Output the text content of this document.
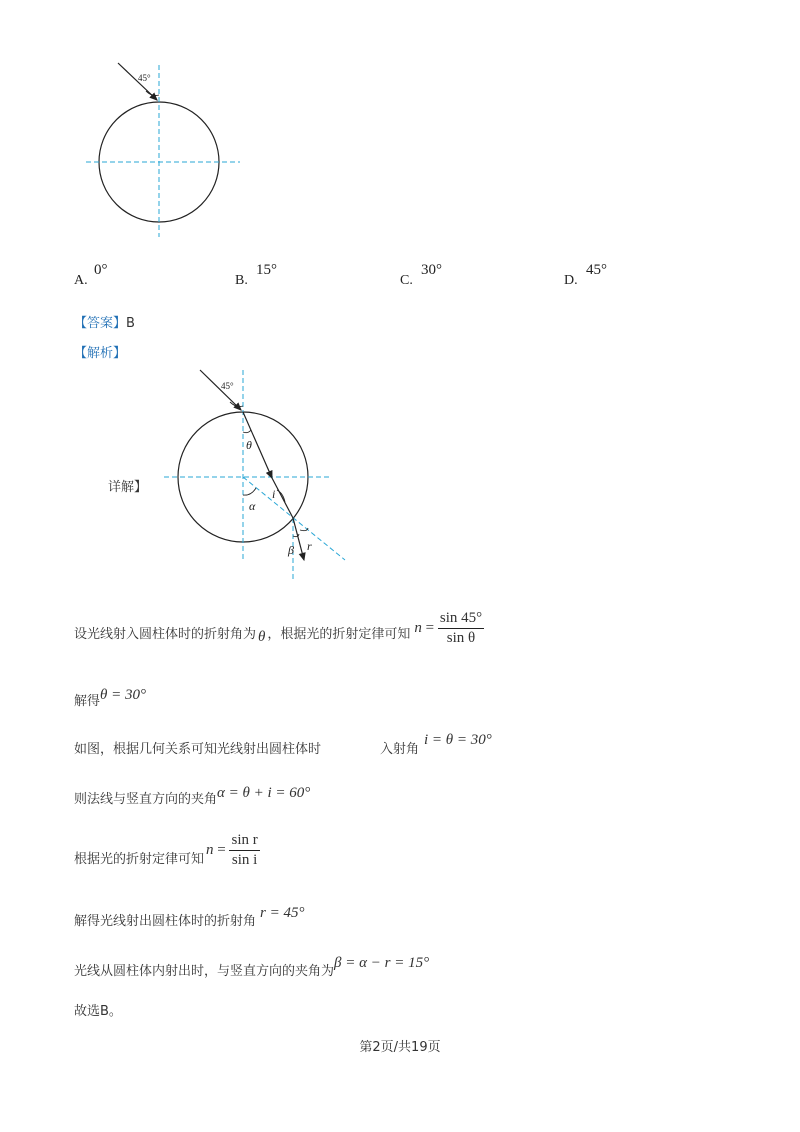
45°
A.
0°
B.
15°
C.
30°
D.
45°
【答案】B
【解析】
详解】
45°
θ
α
i
β r
设光线射入圆柱体时的折射角为 θ ，根据光的折射定律可知 $n = \frac{\sin 45^\circ}{\text{sin θ}}$
解得θ = 30°
如图，根据几何关系可知光线射出圆柱体时	入射角
i = θ = 30°
则法线与竖直方向的夹角α = θ + i = 60°
根据光的折射定律可知
$n = \frac{\text{sin r}}{\text{sin i}}$
解得光线射出圆柱体时的折射角r = 45°
光线从圆柱体内射出时，与竖直方向的夹角为β = α − r = 15°
故选B。
第2页/共19页
